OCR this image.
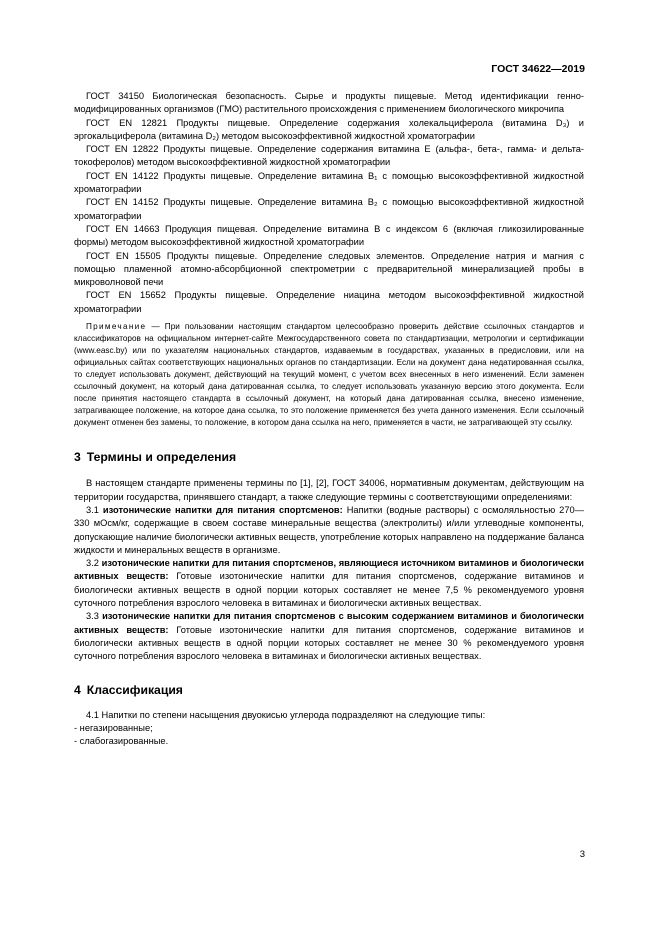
ГОСТ 34622—2019

ГОСТ 34150 Биологическая безопасность. Сырье и продукты пищевые. Метод идентификации генно-модифицированных организмов (ГМО) растительного происхождения с применением биологического микрочипа

ГОСТ EN 12821 Продукты пищевые. Определение содержания холекальциферола (витамина D₃) и эргокальциферола (витамина D₂) методом высокоэффективной жидкостной хроматографии

ГОСТ EN 12822 Продукты пищевые. Определение содержания витамина Е (альфа-, бета-, гамма- и дельта-токоферолов) методом высокоэффективной жидкостной хроматографии

ГОСТ EN 14122 Продукты пищевые. Определение витамина B₁ с помощью высокоэффективной жидкостной хроматографии

ГОСТ EN 14152 Продукты пищевые. Определение витамина B₂ с помощью высокоэффективной жидкостной хроматографии

ГОСТ EN 14663 Продукция пищевая. Определение витамина B с индексом 6 (включая гликозилированные формы) методом высокоэффективной жидкостной хроматографии

ГОСТ EN 15505 Продукты пищевые. Определение следовых элементов. Определение натрия и магния с помощью пламенной атомно-абсорбционной спектрометрии с предварительной минерализацией пробы в микроволновой печи

ГОСТ EN 15652 Продукты пищевые. Определение ниацина методом высокоэффективной жидкостной хроматографии

Примечание — При пользовании настоящим стандартом целесообразно проверить действие ссылочных стандартов и классификаторов на официальном интернет-сайте Межгосударственного совета по стандартизации, метрологии и сертификации (www.easc.by) или по указателям национальных стандартов, издаваемым в государствах, указанных в предисловии, или на официальных сайтах соответствующих национальных органов по стандартизации. Если на документ дана недатированная ссылка, то следует использовать документ, действующий на текущий момент, с учетом всех внесенных в него изменений. Если заменен ссылочный документ, на который дана датированная ссылка, то следует использовать указанную версию этого документа. Если после принятия настоящего стандарта в ссылочный документ, на который дана датированная ссылка, внесено изменение, затрагивающее положение, на которое дана ссылка, то это положение применяется без учета данного изменения. Если ссылочный документ отменен без замены, то положение, в котором дана ссылка на него, применяется в части, не затрагивающей эту ссылку.

3 Термины и определения

В настоящем стандарте применены термины по [1], [2], ГОСТ 34006, нормативным документам, действующим на территории государства, принявшего стандарт, а также следующие термины с соответствующими определениями:

3.1 изотонические напитки для питания спортсменов: Напитки (водные растворы) с осмоляльностью 270—330 мОсм/кг, содержащие в своем составе минеральные вещества (электролиты) и/или углеводные компоненты, допускающие наличие биологически активных веществ, употребление которых направлено на поддержание баланса жидкости и минеральных веществ в организме.

3.2 изотонические напитки для питания спортсменов, являющиеся источником витаминов и биологически активных веществ: Готовые изотонические напитки для питания спортсменов, содержание витаминов и биологически активных веществ в одной порции которых составляет не менее 7,5 % рекомендуемого уровня суточного потребления взрослого человека в витаминах и биологически активных веществах.

3.3 изотонические напитки для питания спортсменов с высоким содержанием витаминов и биологически активных веществ: Готовые изотонические напитки для питания спортсменов, содержание витаминов и биологически активных веществ в одной порции которых составляет не менее 30 % рекомендуемого уровня суточного потребления взрослого человека в витаминах и биологически активных веществах.

4 Классификация

4.1 Напитки по степени насыщения двуокисью углерода подразделяют на следующие типы:

- негазированные;

- слабогазированные.

3
